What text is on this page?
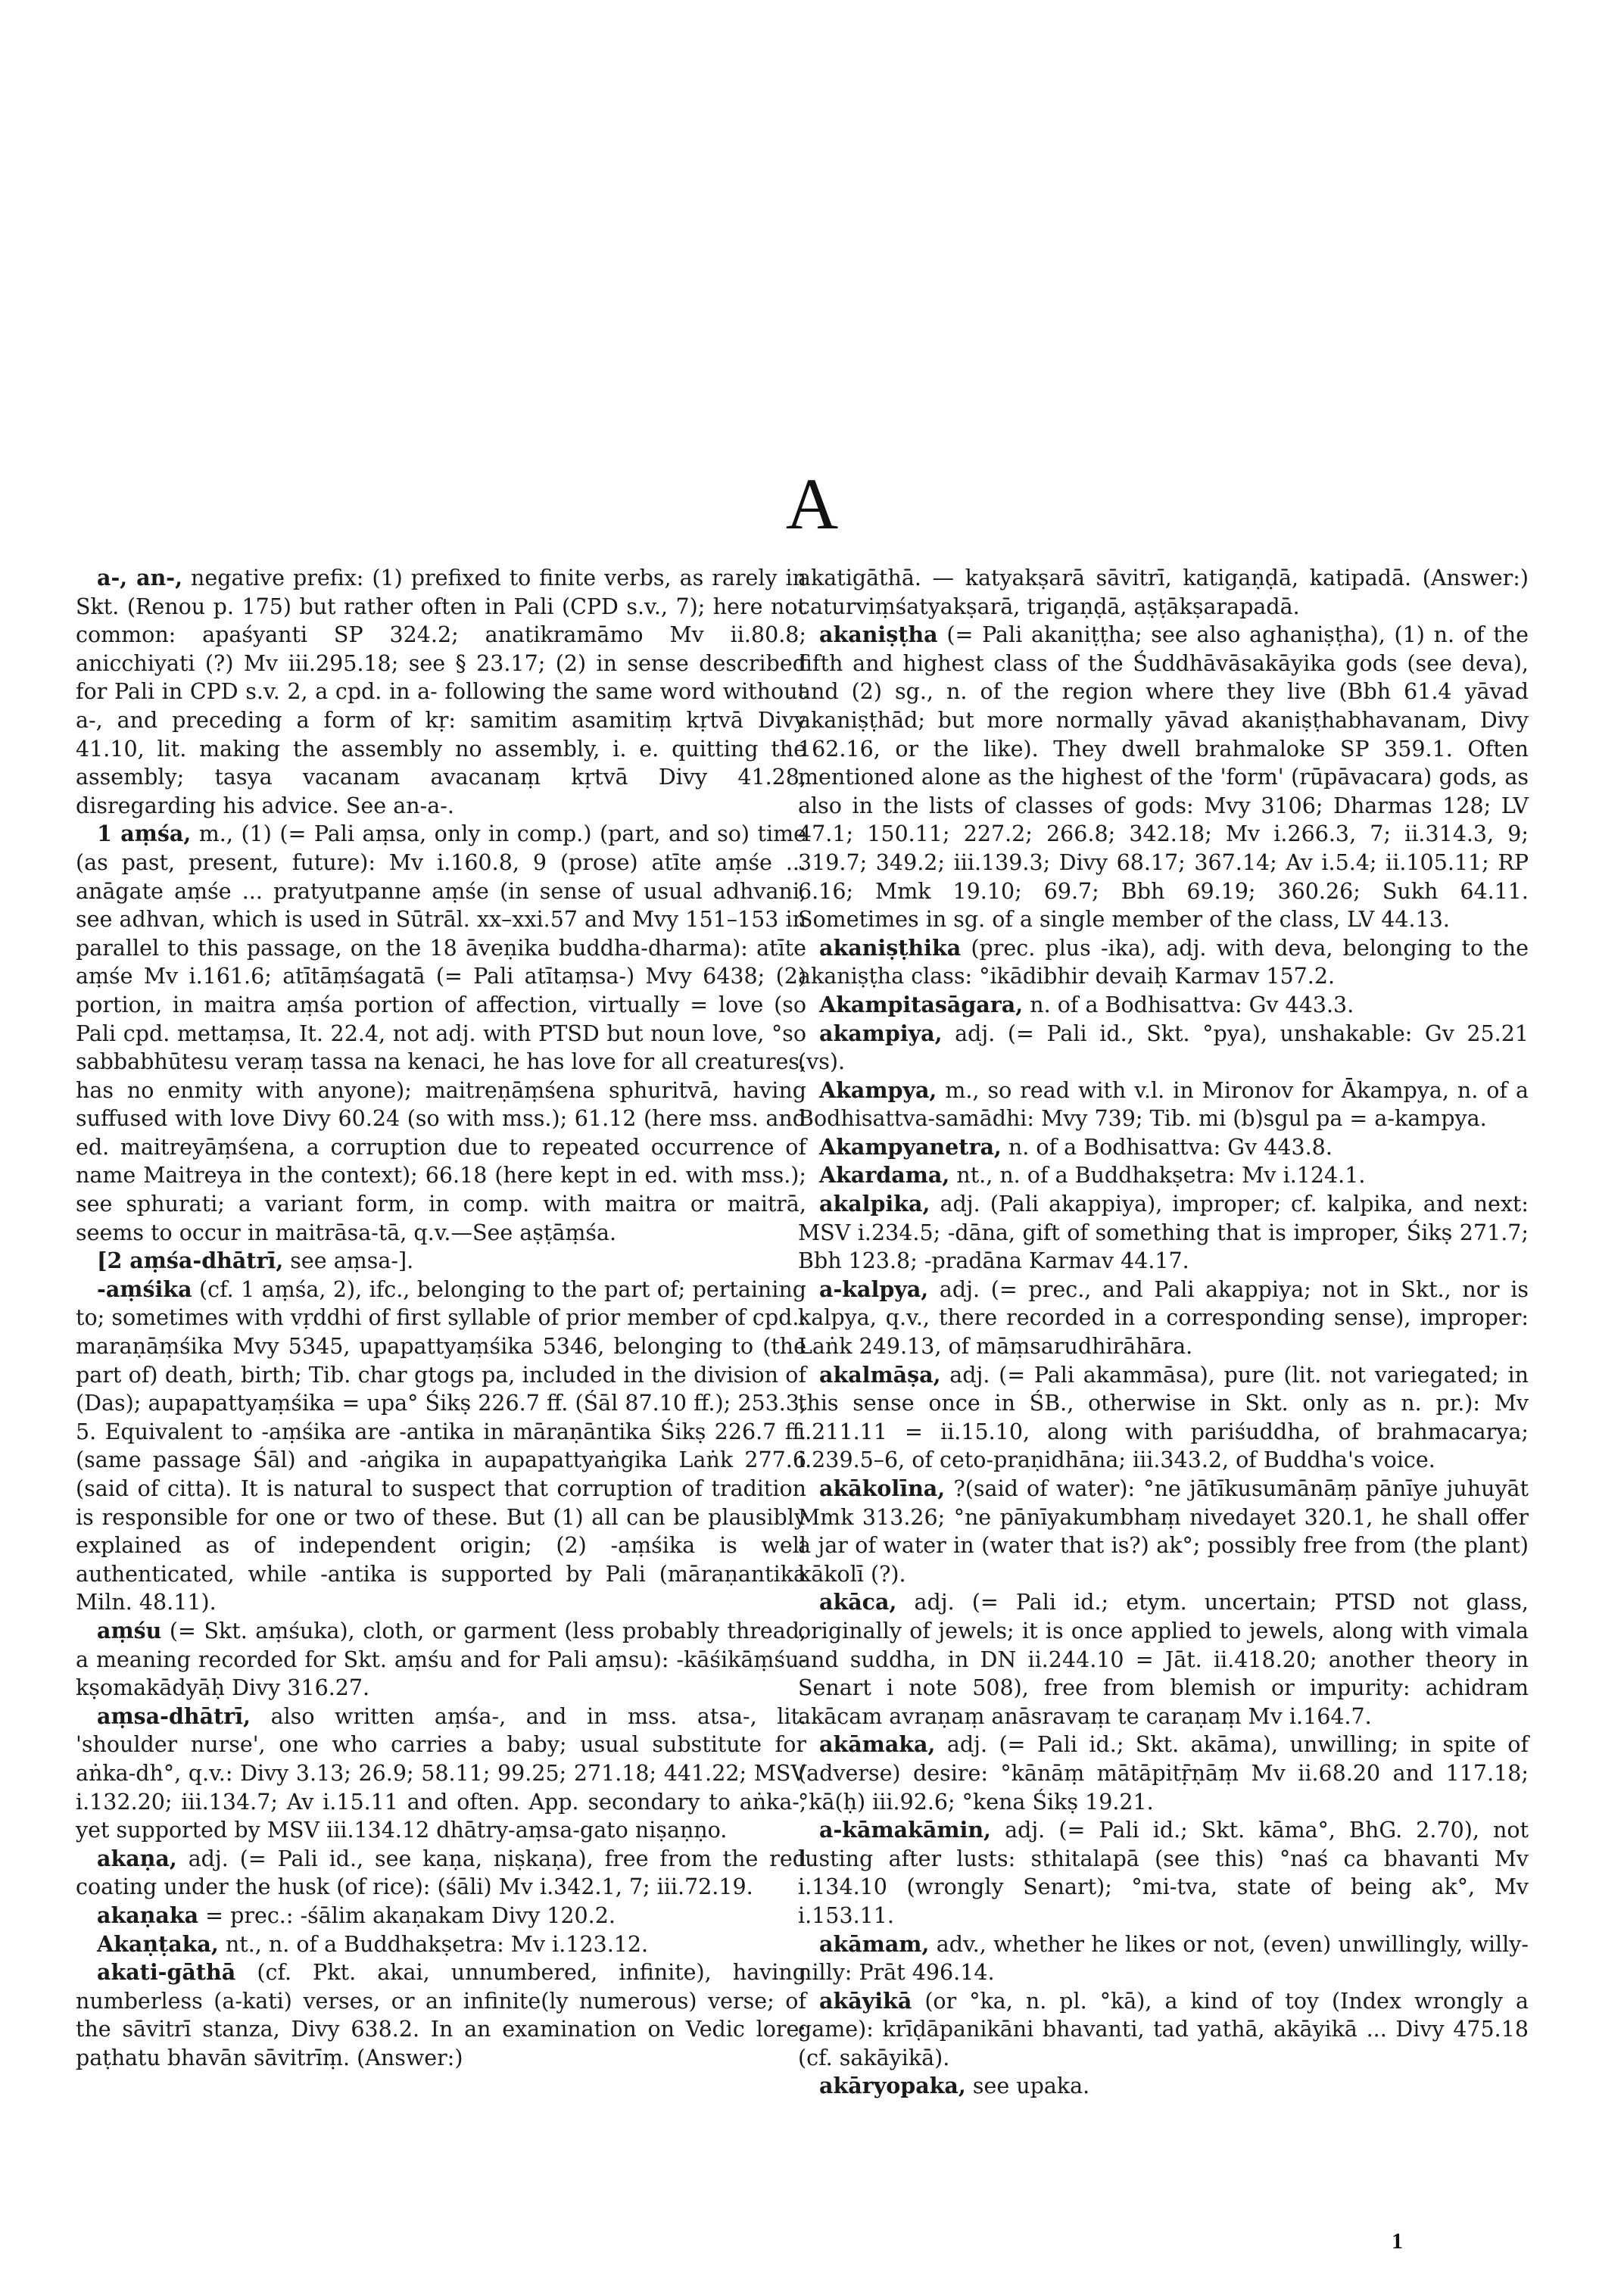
A

a-, an-, negative prefix: (1) prefixed to finite verbs, as rarely in Skt. (Renou p. 175) but rather often in Pali (CPD s.v., 7); here not common: apaśyanti SP 324.2; anatikramāmo Mv ii.80.8; anicchiyati (?) Mv iii.295.18; see § 23.17; (2) in sense described for Pali in CPD s.v. 2, a cpd. in a- following the same word without a-, and preceding a form of kṛ: samitim asamitiṃ kṛtvā Divy 41.10, lit. making the assembly no assembly, i. e. quitting the assembly; tasya vacanam avacanaṃ kṛtvā Divy 41.28, disregarding his advice. See an-a-.

1 aṃśa, m., (1) (= Pali aṃsa, only in comp.) (part, and so) time (as past, present, future): Mv i.160.8, 9 (prose) atīte aṃśe ... anāgate aṃśe ... pratyutpanne aṃśe (in sense of usual adhvani, see adhvan, which is used in Sūtrāl. xx–xxi.57 and Mvy 151–153 in parallel to this passage, on the 18 āveṇika buddha-dharma): atīte aṃśe Mv i.161.6; atītāṃśagatā (= Pali atītaṃsa-) Mvy 6438; (2) portion, in maitra aṃśa portion of affection, virtually = love (so Pali cpd. mettaṃsa, It. 22.4, not adj. with PTSD but noun love, °so sabbabhūtesu veraṃ tassa na kenaci, he has love for all creatures, has no enmity with anyone); maitreṇāṃśena sphuritvā, having suffused with love Divy 60.24 (so with mss.); 61.12 (here mss. and ed. maitreyāṃśena, a corruption due to repeated occurrence of name Maitreya in the context); 66.18 (here kept in ed. with mss.); see sphurati; a variant form, in comp. with maitra or maitrā, seems to occur in maitrāsa-tā, q.v.—See aṣṭāṃśa.

[2 aṃśa-dhātrī, see aṃsa-].

-aṃśika (cf. 1 aṃśa, 2), ifc., belonging to the part of; pertaining to; sometimes with vṛddhi of first syllable of prior member of cpd.: maraṇāṃśika Mvy 5345, upapattyaṃśika 5346, belonging to (the part of) death, birth; Tib. char gtogs pa, included in the division of (Das); aupapattyaṃśika = upa° Śikṣ 226.7 ff. (Śāl 87.10 ff.); 253.3, 5. Equivalent to -aṃśika are -antika in māraṇāntika Śikṣ 226.7 ff. (same passage Śāl) and -aṅgika in aupapattyaṅgika Laṅk 277.6 (said of citta). It is natural to suspect that corruption of tradition is responsible for one or two of these. But (1) all can be plausibly explained as of independent origin; (2) -aṃśika is well authenticated, while -antika is supported by Pali (māraṇantika Miln. 48.11).

aṃśu (= Skt. aṃśuka), cloth, or garment (less probably thread, a meaning recorded for Skt. aṃśu and for Pali aṃsu): -kāśikāṃśu-kṣomakādyāḥ Divy 316.27.

aṃsa-dhātrī, also written aṃśa-, and in mss. atsa-, lit. 'shoulder nurse', one who carries a baby; usual substitute for aṅka-dh°, q.v.: Divy 3.13; 26.9; 58.11; 99.25; 271.18; 441.22; MSV i.132.20; iii.134.7; Av i.15.11 and often. App. secondary to aṅka-, yet supported by MSV iii.134.12 dhātry-aṃsa-gato niṣaṇṇo.

akaṇa, adj. (= Pali id., see kaṇa, niṣkaṇa), free from the red coating under the husk (of rice): (śāli) Mv i.342.1, 7; iii.72.19.

akaṇaka = prec.: -śālim akaṇakam Divy 120.2.

Akaṇṭaka, nt., n. of a Buddhakṣetra: Mv i.123.12.

akati-gāthā (cf. Pkt. akai, unnumbered, infinite), having numberless (a-kati) verses, or an infinite(ly numerous) verse; of the sāvitrī stanza, Divy 638.2. In an examination on Vedic lore: paṭhatu bhavān sāvitrīṃ. (Answer:)

akatigāthā. — katyakṣarā sāvitrī, katigaṇḍā, katipadā. (Answer:) caturviṃśatyakṣarā, trigaṇḍā, aṣṭākṣarapadā.

akaniṣṭha (= Pali akaniṭṭha; see also aghaniṣṭha), (1) n. of the fifth and highest class of the Śuddhāvāsakāyika gods (see deva), and (2) sg., n. of the region where they live (Bbh 61.4 yāvad akaniṣṭhād; but more normally yāvad akaniṣṭhabhavanam, Divy 162.16, or the like). They dwell brahmaloke SP 359.1. Often mentioned alone as the highest of the 'form' (rūpāvacara) gods, as also in the lists of classes of gods: Mvy 3106; Dharmas 128; LV 47.1; 150.11; 227.2; 266.8; 342.18; Mv i.266.3, 7; ii.314.3, 9; 319.7; 349.2; iii.139.3; Divy 68.17; 367.14; Av i.5.4; ii.105.11; RP 6.16; Mmk 19.10; 69.7; Bbh 69.19; 360.26; Sukh 64.11. Sometimes in sg. of a single member of the class, LV 44.13.

akaniṣṭhika (prec. plus -ika), adj. with deva, belonging to the akaniṣṭha class: °ikādibhir devaiḥ Karmav 157.2.

Akampitasāgara, n. of a Bodhisattva: Gv 443.3.

akampiya, adj. (= Pali id., Skt. °pya), unshakable: Gv 25.21 (vs).

Akampya, m., so read with v.l. in Mironov for Ākampya, n. of a Bodhisattva-samādhi: Mvy 739; Tib. mi (b)sgul pa = a-kampya.

Akampyanetra, n. of a Bodhisattva: Gv 443.8.

Akardama, nt., n. of a Buddhakṣetra: Mv i.124.1.

akalpika, adj. (Pali akappiya), improper; cf. kalpika, and next: MSV i.234.5; -dāna, gift of something that is improper, Śikṣ 271.7; Bbh 123.8; -pradāna Karmav 44.17.

a-kalpya, adj. (= prec., and Pali akappiya; not in Skt., nor is kalpya, q.v., there recorded in a corresponding sense), improper: Laṅk 249.13, of māṃsarudhirāhāra.

akalmāṣa, adj. (= Pali akammāsa), pure (lit. not variegated; in this sense once in ŚB., otherwise in Skt. only as n. pr.): Mv i.211.11 = ii.15.10, along with pariśuddha, of brahmacarya; i.239.5–6, of ceto-praṇidhāna; iii.343.2, of Buddha's voice.

akākolīna, ?(said of water): °ne jātīkusumānāṃ pānīye juhuyāt Mmk 313.26; °ne pānīyakumbhaṃ nivedayet 320.1, he shall offer a jar of water in (water that is?) ak°; possibly free from (the plant) kākolī (?).

akāca, adj. (= Pali id.; etym. uncertain; PTSD not glass, originally of jewels; it is once applied to jewels, along with vimala and suddha, in DN ii.244.10 = Jāt. ii.418.20; another theory in Senart i note 508), free from blemish or impurity: achidram akācam avraṇaṃ anāsravaṃ te caraṇaṃ Mv i.164.7.

akāmaka, adj. (= Pali id.; Skt. akāma), unwilling; in spite of (adverse) desire: °kānāṃ mātāpitṝṇāṃ Mv ii.68.20 and 117.18; °kā(ḥ) iii.92.6; °kena Śikṣ 19.21.

a-kāmakāmin, adj. (= Pali id.; Skt. kāma°, BhG. 2.70), not lusting after lusts: sthitalapā (see this) °naś ca bhavanti Mv i.134.10 (wrongly Senart); °mi-tva, state of being ak°, Mv i.153.11.

akāmam, adv., whether he likes or not, (even) unwillingly, willy-nilly: Prāt 496.14.

akāyikā (or °ka, n. pl. °kā), a kind of toy (Index wrongly a game): krīḍāpanikāni bhavanti, tad yathā, akāyikā ... Divy 475.18 (cf. sakāyikā).

akāryopaka, see upaka.

1
